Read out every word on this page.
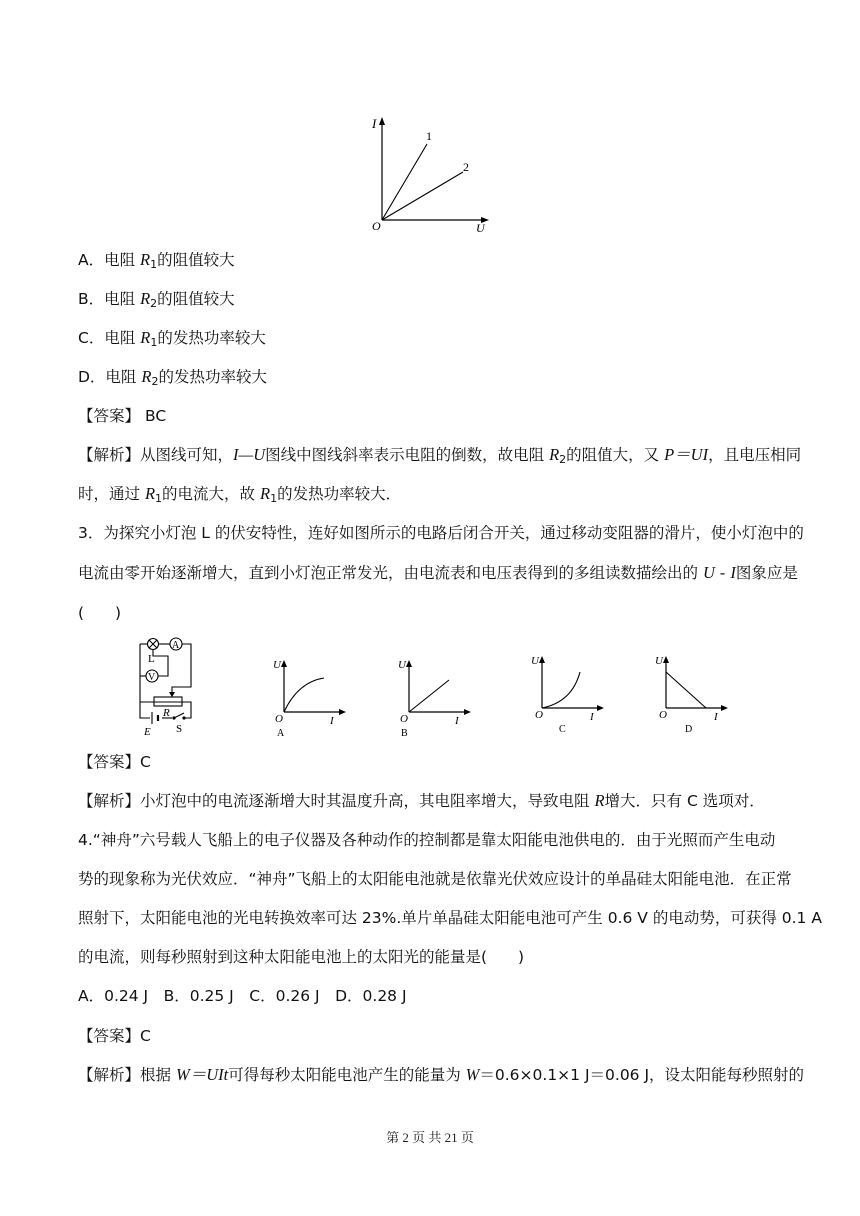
I
1
2
O	U
A．电阻 $R_1$的阻值较大
B．电阻 $R_2$的阻值较大
C．电阻 $R_1$的发热功率较大
D．电阻 $R_2$的发热功率较大
【答案】 BC
【解析】从图线可知，I—U图线中图线斜率表示电阻的倒数，故电阻 $R_2$的阻值大，又 P＝UI，且电压相同
时，通过 $R_1$的电流大，故 $R_1$的发热功率较大．
3．为探究小灯泡 L 的伏安特性，连好如图所示的电路后闭合开关，通过移动变阻器的滑片，使小灯泡中的
电流由零开始逐渐增大，直到小灯泡正常发光，由电流表和电压表得到的多组读数描绘出的 U - I图象应是
(　　)
L
A
V
R
E S
U
O	I
A
U
O	I
B
U
O	I
C
U
O	I
D
【答案】C
【解析】小灯泡中的电流逐渐增大时其温度升高，其电阻率增大，导致电阻 R增大．只有 C 选项对．
4.“神舟”六号载人飞船上的电子仪器及各种动作的控制都是靠太阳能电池供电的．由于光照而产生电动
势的现象称为光伏效应．“神舟”飞船上的太阳能电池就是依靠光伏效应设计的单晶硅太阳能电池．在正常
照射下，太阳能电池的光电转换效率可达 23%.单片单晶硅太阳能电池可产生 0.6 V 的电动势，可获得 0.1 A
的电流，则每秒照射到这种太阳能电池上的太阳光的能量是(　　)
A．0.24 J　B．0.25 J　C．0.26 J　D．0.28 J
【答案】C
【解析】根据 W＝UIt可得每秒太阳能电池产生的能量为 W＝0.6×0.1×1 J＝0.06 J，设太阳能每秒照射的
第 2 页 共 21 页
